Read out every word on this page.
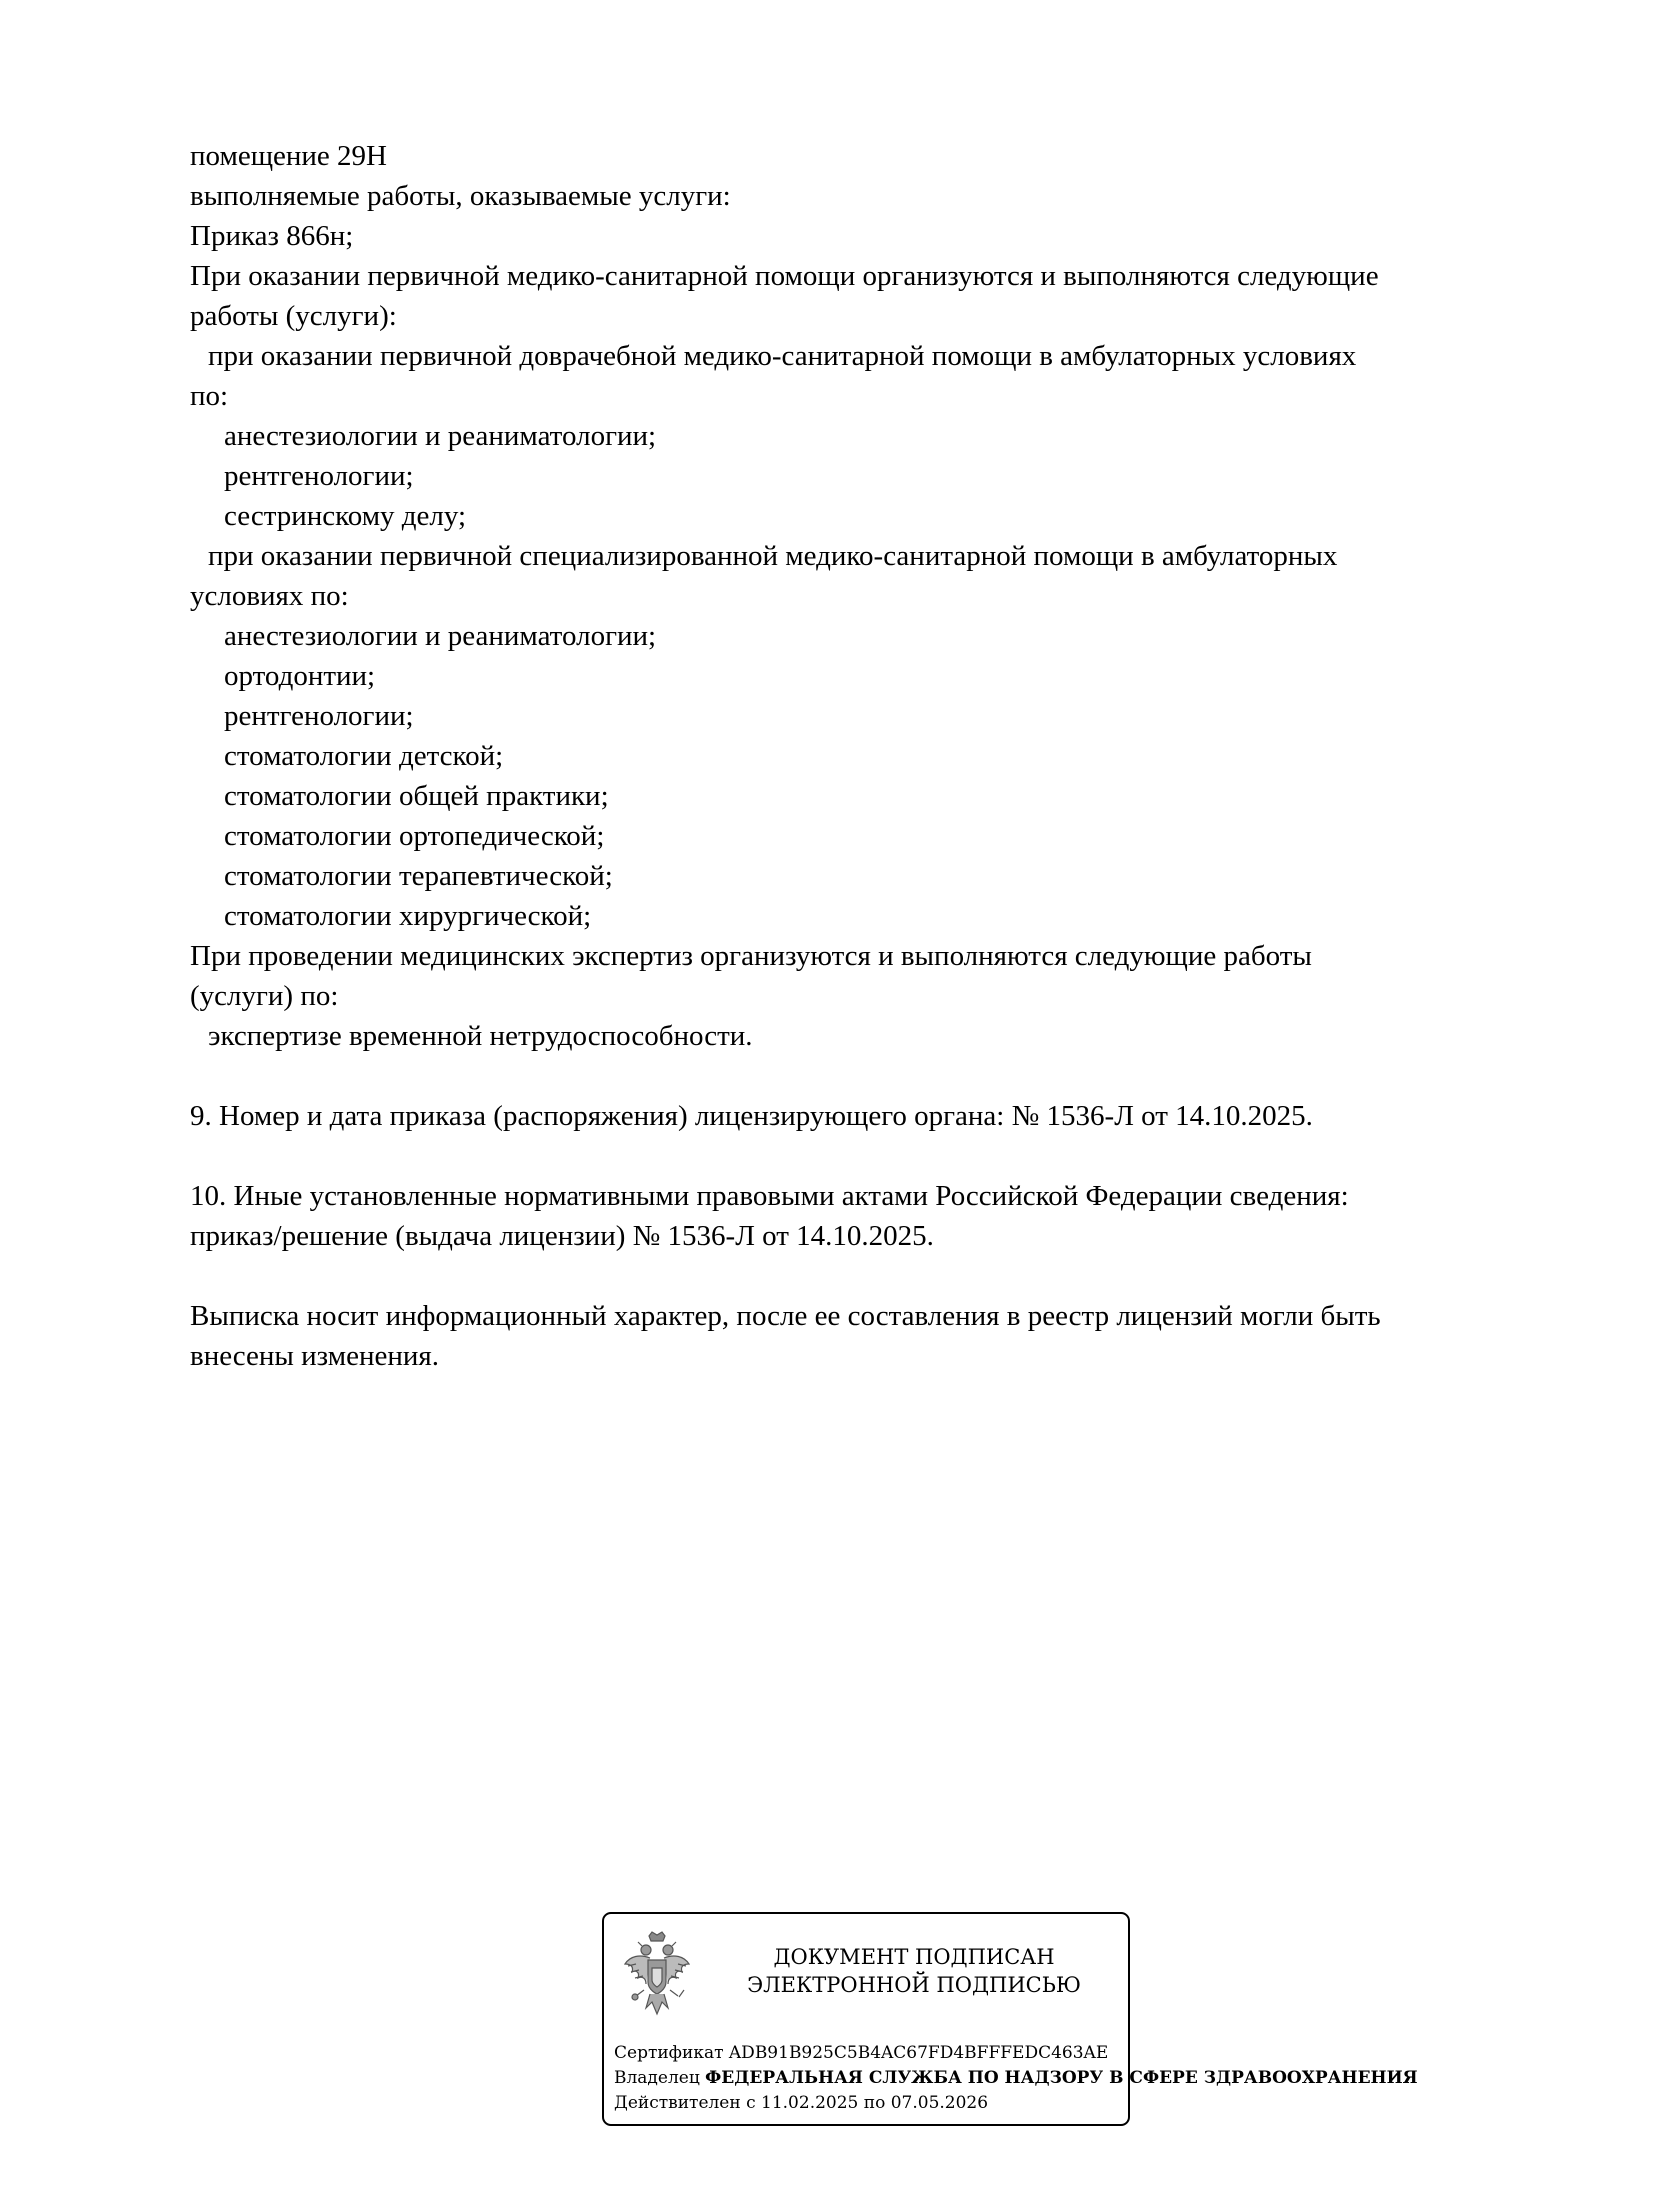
помещение 29Н
выполняемые работы, оказываемые услуги:
Приказ 866н;
При оказании первичной медико-санитарной помощи организуются и выполняются следующие
работы (услуги):
при оказании первичной доврачебной медико-санитарной помощи в амбулаторных условиях
по:
анестезиологии и реаниматологии;
рентгенологии;
сестринскому делу;
при оказании первичной специализированной медико-санитарной помощи в амбулаторных
условиях по:
анестезиологии и реаниматологии;
ортодонтии;
рентгенологии;
стоматологии детской;
стоматологии общей практики;
стоматологии ортопедической;
стоматологии терапевтической;
стоматологии хирургической;
При проведении медицинских экспертиз организуются и выполняются следующие работы
(услуги) по:
экспертизе временной нетрудоспособности.
9. Номер и дата приказа (распоряжения) лицензирующего органа: № 1536-Л от 14.10.2025.
10. Иные установленные нормативными правовыми актами Российской Федерации сведения:
приказ/решение (выдача лицензии) № 1536-Л от 14.10.2025.
Выписка носит информационный характер, после ее составления в реестр лицензий могли быть
внесены изменения.
ДОКУМЕНТ ПОДПИСАН
ЭЛЕКТРОННОЙ ПОДПИСЬЮ
Сертификат ADB91B925C5B4AC67FD4BFFFEDC463AE
Владелец ФЕДЕРАЛЬНАЯ СЛУЖБА ПО НАДЗОРУ В СФЕРЕ ЗДРАВООХРАНЕНИЯ
Действителен с 11.02.2025 по 07.05.2026
